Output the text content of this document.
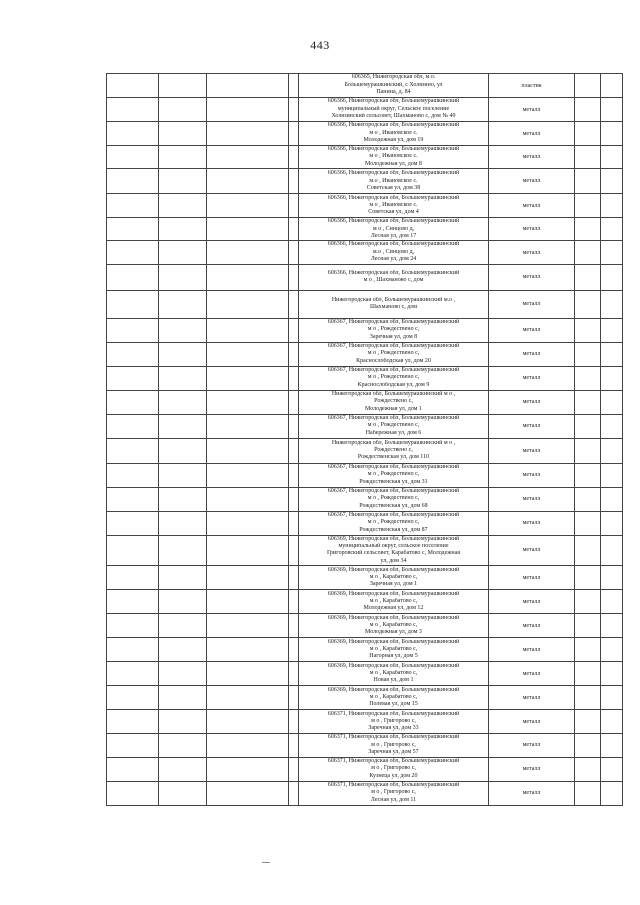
443

				606365, Нижегородская обл, м.о.
Большемурашкинский, с Холязино, ул
Панина, д. 84	пластик		

				606366, Нижегородская обл, Большемурашкинский
муниципальный округ, Сельское поселение
Холязинский сельсовет, Шахманово с, дом № 49	металл		

				606366, Нижегородская обл, Большемурашкинский
м о , Ивановское с.
Молодежная ул, дом 19	металл		

				606366, Нижегородская обл, Большемурашкинский
м о , Ивановское с.
Молодежная ул, дом 8	металл		

				606366, Нижегородская обл, Большемурашкинский
м.о , Ивановское с.
Советская ул, дом 38	металл		

				606366, Нижегородская обл, Большемурашкинский
м о , Ивановское с.
Советская ул, дом 4	металл		

				606366, Нижегородская обл, Большемурашкинский
м о , Синцово д,
Лесная ул, дом 17	металл		

				606366, Нижегородская обл, Большемурашкинский
м.о , Синцово д,
Лесная ул, дом 24	металл		

				606366, Нижегородская обл, Большемурашкинский
м о , Шахманово с, дом	металл		

				Нижегородская обл, Большемурашкинский м.о ,
Шахманово с, дом	металл		

				606367, Нижегородская обл, Большемурашкинский
м о , Рождествено с,
Заречная ул, дом 8	металл		

				606367, Нижегородская обл, Большемурашкинский
м о , Рождествено с,
Краснослободская ул, дом 20	металл		

				606367, Нижегородская обл, Большемурашкинский
м о , Рождествено с,
Краснослободская ул, дом 9	металл		

				Нижегородская обл, Большемурашкинский м о ,
Рождествено с,
Молодежная ул, дом 1	металл		

				606367, Нижегородская обл, Большемурашкинский
м о , Рождествено с,
Набережная ул, дом 6	металл		

				Нижегородская обл, Большемурашкинский м о ,
Рождествено с,
Рождественская ул, дом 110	металл		

				606367, Нижегородская обл, Большемурашкинский
м о , Рождествено с,
Рождественская ул, дом 31	металл		

				606367, Нижегородская обл, Большемурашкинский
м о , Рождествено с,
Рождественская ул, дом 68	металл		

				606367, Нижегородская обл, Большемурашкинский
м о , Рождествено с,
Рождественская ул, дом 87	металл		

				606369, Нижегородская обл, Большемурашкинский
муниципальный округ, сельское поселение
Григоровский сельсовет, Карабатово с, Молодежная
ул, дом 34	металл		

				606369, Нижегородская обл, Большемурашкинский
м о , Карабатово с,
Заречная ул, дом 1	металл		

				606369, Нижегородская обл, Большемурашкинский
м о , Карабатово с,
Молодежная ул, дом 12	металл		

				606369, Нижегородская обл, Большемурашкинский
м о , Карабатово с,
Молодежная ул, дом 3	металл		

				606369, Нижегородская обл, Большемурашкинский
м о , Карабатово с,
Нагорная ул, дом 5	металл		

				606369, Нижегородская обл, Большемурашкинский
м о , Карабатово с,
Новая ул, дом 1	металл		

				606369, Нижегородская обл, Большемурашкинский
м о , Карабатово с,
Полевая ул, дом 15	металл		

				606371, Нижегородская обл, Большемурашкинский
м о , Григорово с,
Заречная ул, дом 33	металл		

				606371, Нижегородская обл, Большемурашкинский
м о , Григорово с,
Заречная ул, дом 57	металл		

				606371, Нижегородская обл, Большемурашкинский
м о , Григорово с,
Кузнеца ул, дом 20	металл		

				606371, Нижегородская обл, Большемурашкинский
м о , Григорово с,
Лесная ул, дом 11	металл		
